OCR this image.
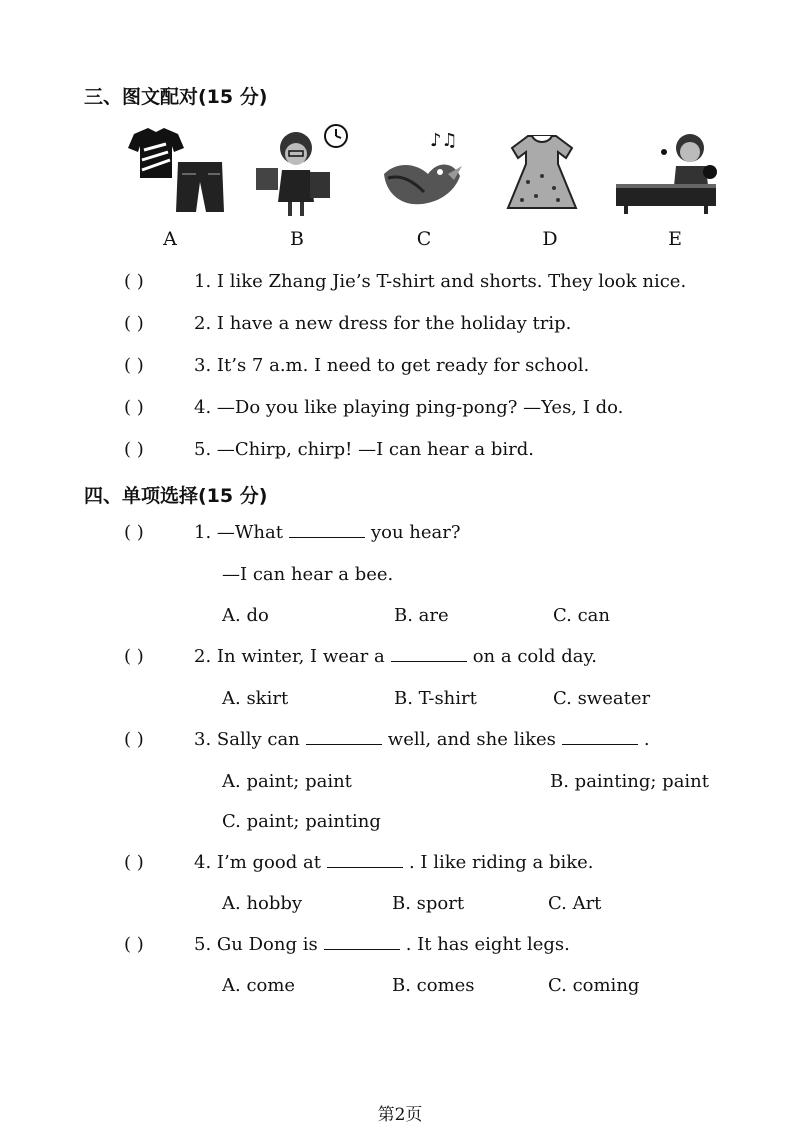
三、图文配对(15 分)
♪♫
A	B	C	D	E
( )	1. I like Zhang Jie’s T-shirt and shorts. They look nice.
( )	2. I have a new dress for the holiday trip.
( )	3. It’s 7 a.m. I need to get ready for school.
( )	4. —Do you like playing ping-pong? —Yes, I do.
( )	5. —Chirp, chirp! —I can hear a bird.
四、单项选择(15 分)
( )	1. —What	you hear?
—I can hear a bee.
A. do	B. are	C. can
( )	2. In winter, I wear a	on a cold day.
A. skirt	B. T-shirt	C. sweater
( )	3. Sally can	well, and she likes	.
A. paint; paint	B. painting; paint
C. paint; painting
( )	4. I’m good at	. I like riding a bike.
A. hobby	B. sport	C. Art
( )	5. Gu Dong is	. It has eight legs.
A. come	B. comes	C. coming
第2页
